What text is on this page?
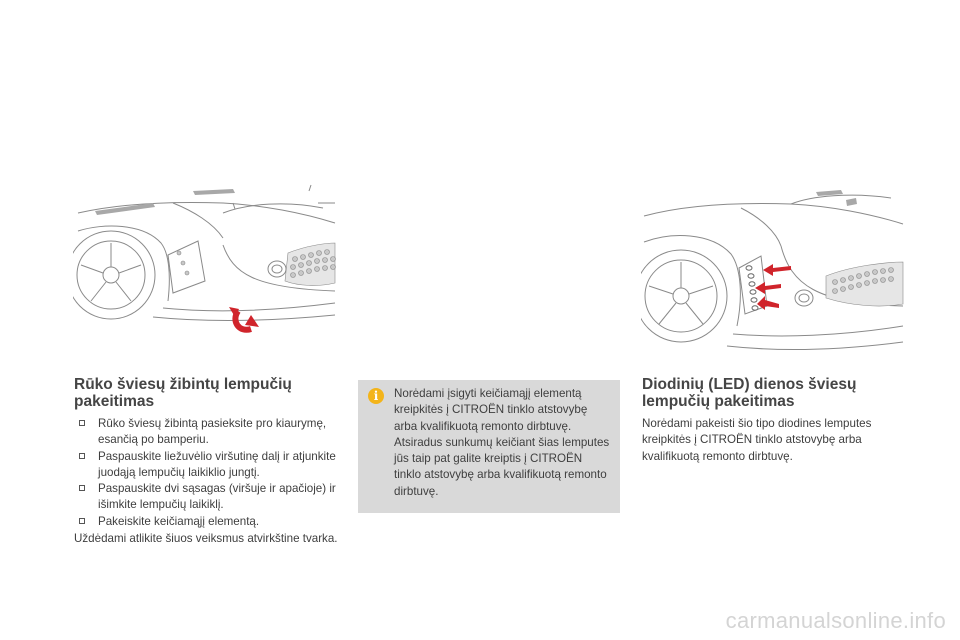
Rūko šviesų žibintų lempučių
pakeitimas
Rūko šviesų žibintą pasieksite pro kiaurymę, esančią po bamperiu.
Paspauskite liežuvėlio viršutinę dalį ir atjunkite juodąją lempučių laikiklio jungtį.
Paspauskite dvi sąsagas (viršuje ir apačioje) ir išimkite lempučių laikiklį.
Pakeiskite keičiamąjį elementą.
Uždėdami atlikite šiuos veiksmus atvirkštine tvarka.
i	Norėdami įsigyti keičiamąjį elementą kreipkitės į CITROËN tinklo atstovybę arba kvalifikuotą remonto dirbtuvę.

Atsiradus sunkumų keičiant šias lemputes jūs taip pat galite kreiptis į CITROËN tinklo atstovybę arba kvalifikuotą remonto dirbtuvę.

Diodinių (LED) dienos šviesų
lempučių pakeitimas
Norėdami pakeisti šio tipo diodines lemputes kreipkitės į CITROËN tinklo atstovybę arba kvalifikuotą remonto dirbtuvę.
carmanualsonline.info
